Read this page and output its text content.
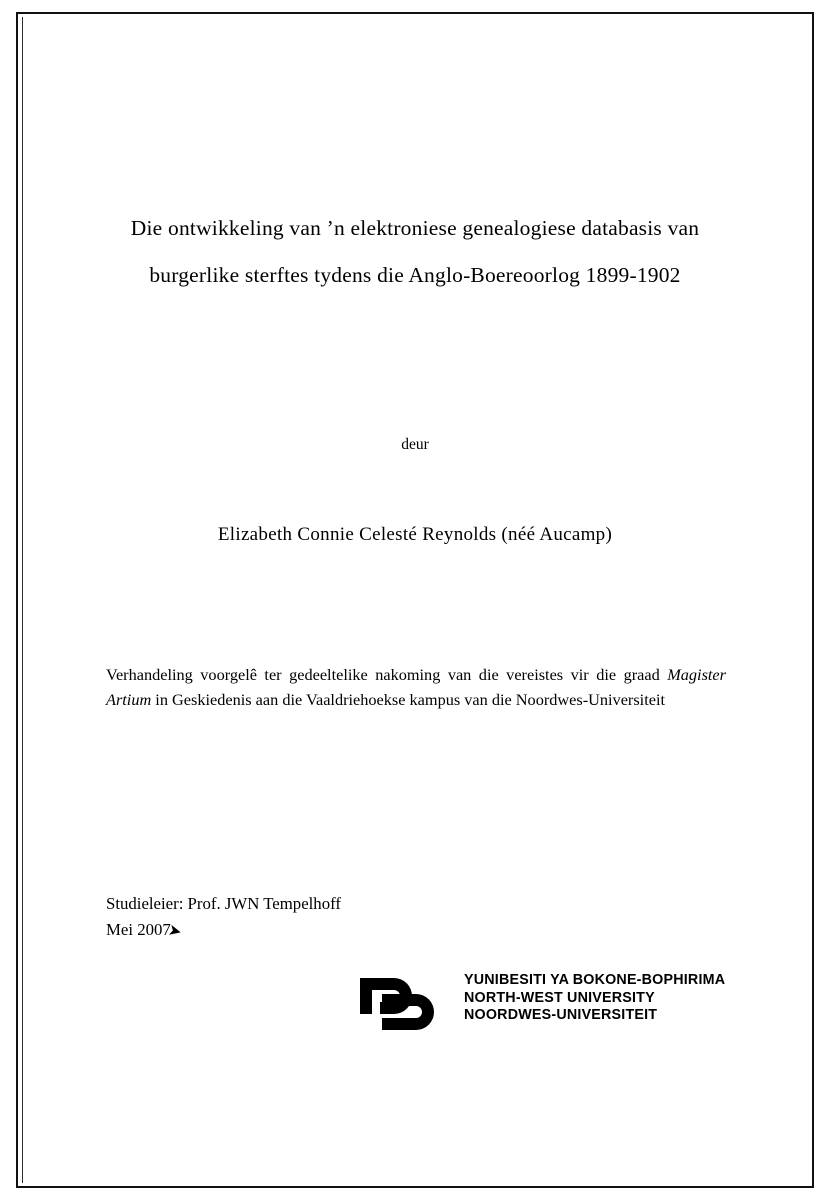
Die ontwikkeling van ’n elektroniese genealogiese databasis van
burgerlike sterftes tydens die Anglo-Boereoorlog 1899-1902
deur
Elizabeth Connie Celesté Reynolds (néé Aucamp)
Verhandeling voorgelê ter gedeeltelike nakoming van die vereistes vir die graad Magister Artium in Geskiedenis aan die Vaaldriehoekse kampus van die Noordwes-Universiteit
Studieleier: Prof. JWN Tempelhoff
Mei 2007
➤
YUNIBESITI YA BOKONE-BOPHIRIMA
NORTH-WEST UNIVERSITY
NOORDWES-UNIVERSITEIT
